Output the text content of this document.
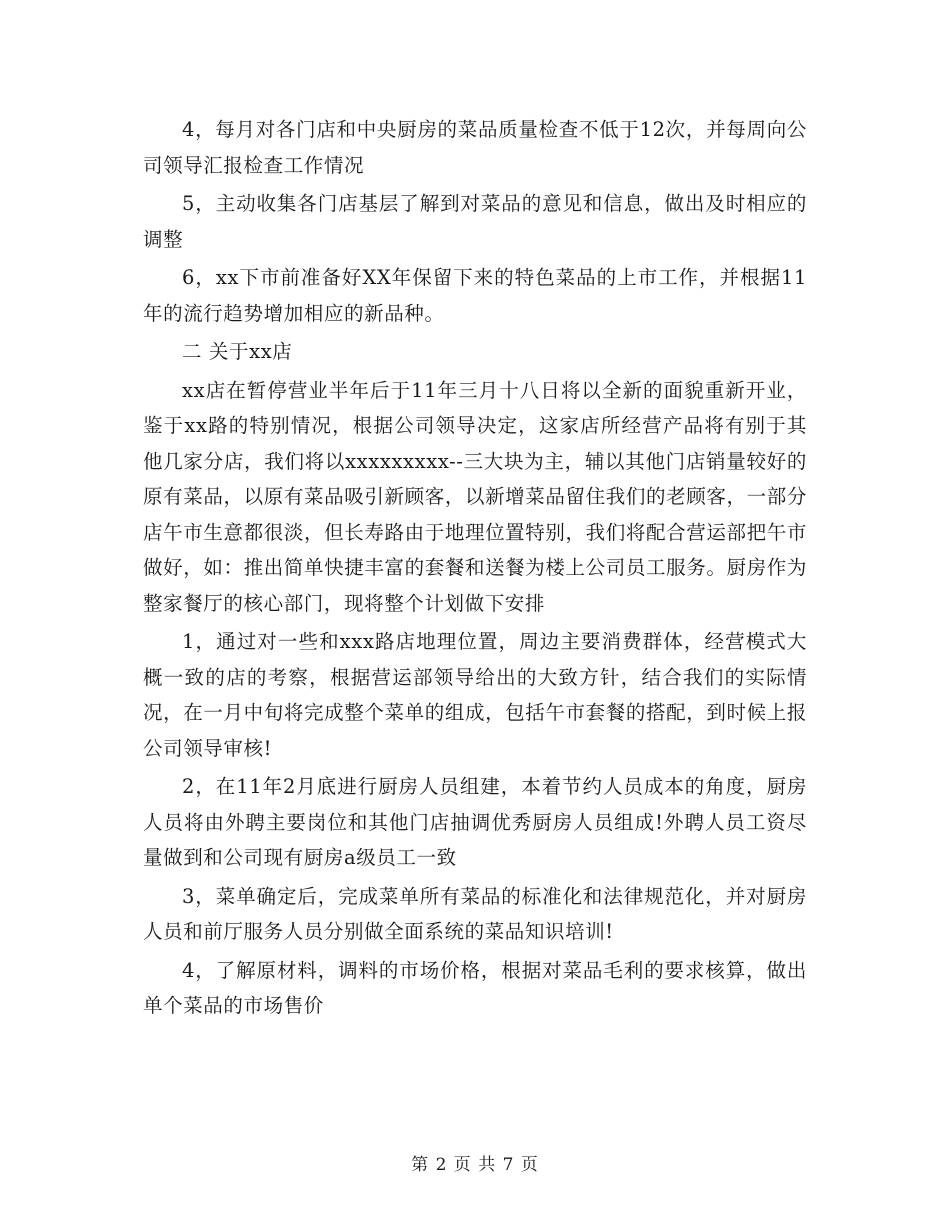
4，每月对各门店和中央厨房的菜品质量检查不低于12次，并每周向公司领导汇报检查工作情况

5，主动收集各门店基层了解到对菜品的意见和信息，做出及时相应的调整

6，xx下市前准备好XX年保留下来的特色菜品的上市工作，并根据11年的流行趋势增加相应的新品种。

二 关于xx店

xx店在暂停营业半年后于11年三月十八日将以全新的面貌重新开业，鉴于xx路的特别情况，根据公司领导决定，这家店所经营产品将有别于其他几家分店，我们将以xxxxxxxxx--三大块为主，辅以其他门店销量较好的原有菜品，以原有菜品吸引新顾客，以新增菜品留住我们的老顾客，一部分店午市生意都很淡，但长寿路由于地理位置特别，我们将配合营运部把午市做好，如：推出简单快捷丰富的套餐和送餐为楼上公司员工服务。厨房作为整家餐厅的核心部门，现将整个计划做下安排

1，通过对一些和xxx路店地理位置，周边主要消费群体，经营模式大概一致的店的考察，根据营运部领导给出的大致方针，结合我们的实际情况，在一月中旬将完成整个菜单的组成，包括午市套餐的搭配，到时候上报公司领导审核!

2，在11年2月底进行厨房人员组建，本着节约人员成本的角度，厨房人员将由外聘主要岗位和其他门店抽调优秀厨房人员组成!外聘人员工资尽量做到和公司现有厨房a级员工一致

3，菜单确定后，完成菜单所有菜品的标准化和法律规范化，并对厨房人员和前厅服务人员分别做全面系统的菜品知识培训!

4，了解原材料，调料的市场价格，根据对菜品毛利的要求核算，做出单个菜品的市场售价

第 2 页 共 7 页
